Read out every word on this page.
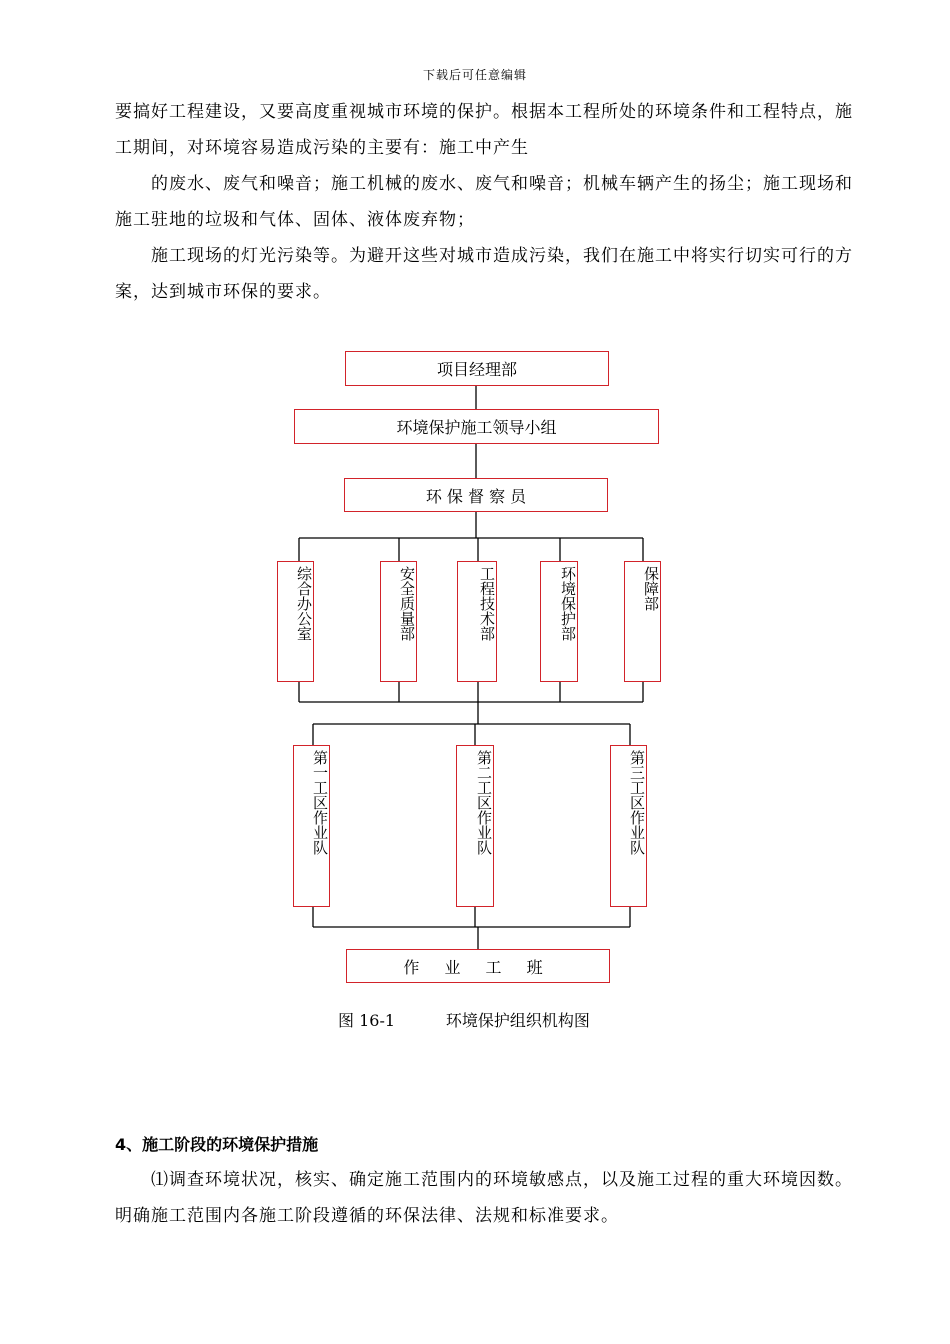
下载后可任意编辑

要搞好工程建设，又要高度重视城市环境的保护。根据本工程所处的环境条件和工程特点，施工期间，对环境容易造成污染的主要有：施工中产生

的废水、废气和噪音；施工机械的废水、废气和噪音；机械车辆产生的扬尘；施工现场和施工驻地的垃圾和气体、固体、液体废弃物；

施工现场的灯光污染等。为避开这些对城市造成污染，我们在施工中将实行切实可行的方案，达到城市环保的要求。

项目经理部
环境保护施工领导小组
环 保 督 察 员
综合办公室	安全质量部	工程技术部	环境保护部	保障部
第一工区作业队	第二工区作业队	第三工区作业队
作 业 工 班
图 16-1          环境保护组织机构图
4、施工阶段的环境保护措施

⑴调查环境状况，核实、确定施工范围内的环境敏感点，以及施工过程的重大环境因数。明确施工范围内各施工阶段遵循的环保法律、法规和标准要求。
